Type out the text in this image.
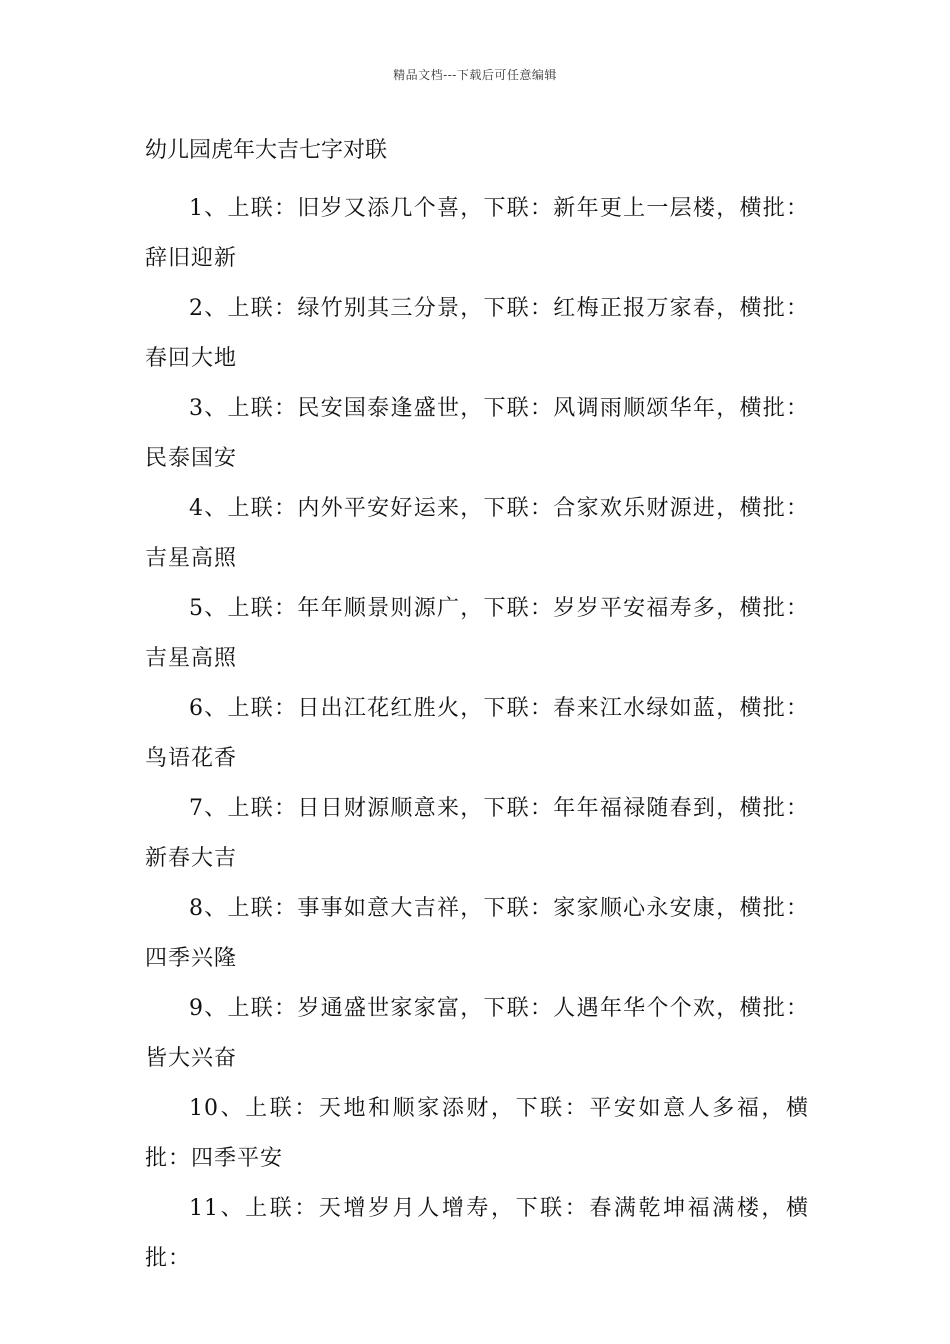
精品文档---下载后可任意编辑
幼儿园虎年大吉七字对联

1、上联：旧岁又添几个喜，下联：新年更上一层楼，横批：辞旧迎新

2、上联：绿竹别其三分景，下联：红梅正报万家春，横批：春回大地

3、上联：民安国泰逢盛世，下联：风调雨顺颂华年，横批：民泰国安

4、上联：内外平安好运来，下联：合家欢乐财源进，横批：吉星高照

5、上联：年年顺景则源广，下联：岁岁平安福寿多，横批：吉星高照

6、上联：日出江花红胜火，下联：春来江水绿如蓝，横批：鸟语花香

7、上联：日日财源顺意来，下联：年年福禄随春到，横批：新春大吉

8、上联：事事如意大吉祥，下联：家家顺心永安康，横批：四季兴隆

9、上联：岁通盛世家家富，下联：人遇年华个个欢，横批：皆大兴奋

10、上联：天地和顺家添财，下联：平安如意人多福，横批：四季平安

11、上联：天增岁月人增寿，下联：春满乾坤福满楼，横批：
